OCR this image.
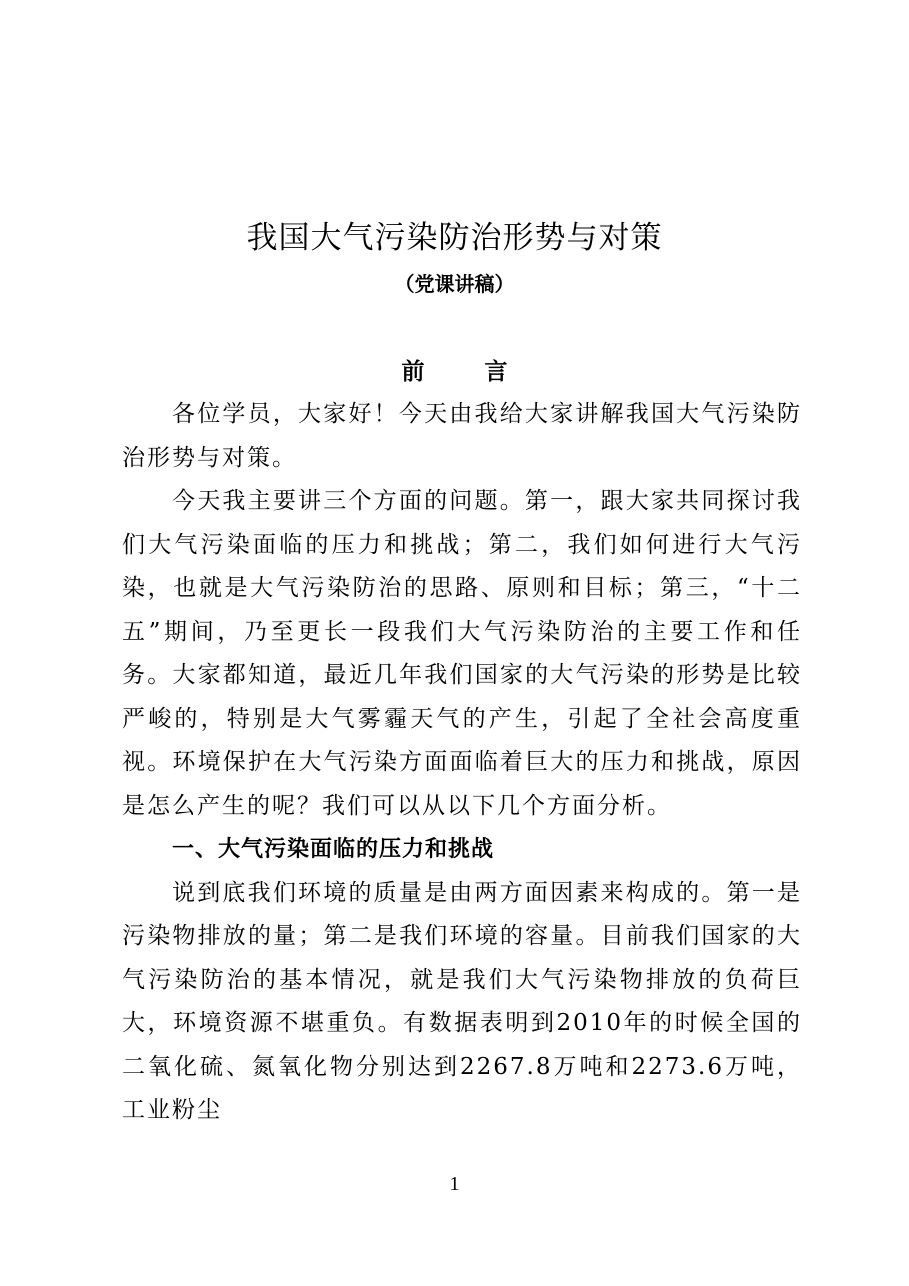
我国大气污染防治形势与对策
（党课讲稿）
前 言

各位学员，大家好！今天由我给大家讲解我国大气污染防治形势与对策。

今天我主要讲三个方面的问题。第一，跟大家共同探讨我们大气污染面临的压力和挑战；第二，我们如何进行大气污染，也就是大气污染防治的思路、原则和目标；第三，“十二五”期间，乃至更长一段我们大气污染防治的主要工作和任务。大家都知道，最近几年我们国家的大气污染的形势是比较严峻的，特别是大气雾霾天气的产生，引起了全社会高度重视。环境保护在大气污染方面面临着巨大的压力和挑战，原因是怎么产生的呢？我们可以从以下几个方面分析。

一、大气污染面临的压力和挑战

说到底我们环境的质量是由两方面因素来构成的。第一是污染物排放的量；第二是我们环境的容量。目前我们国家的大气污染防治的基本情况，就是我们大气污染物排放的负荷巨大，环境资源不堪重负。有数据表明到2010年的时候全国的二氧化硫、氮氧化物分别达到2267.8万吨和2273.6万吨，工业粉尘

1
